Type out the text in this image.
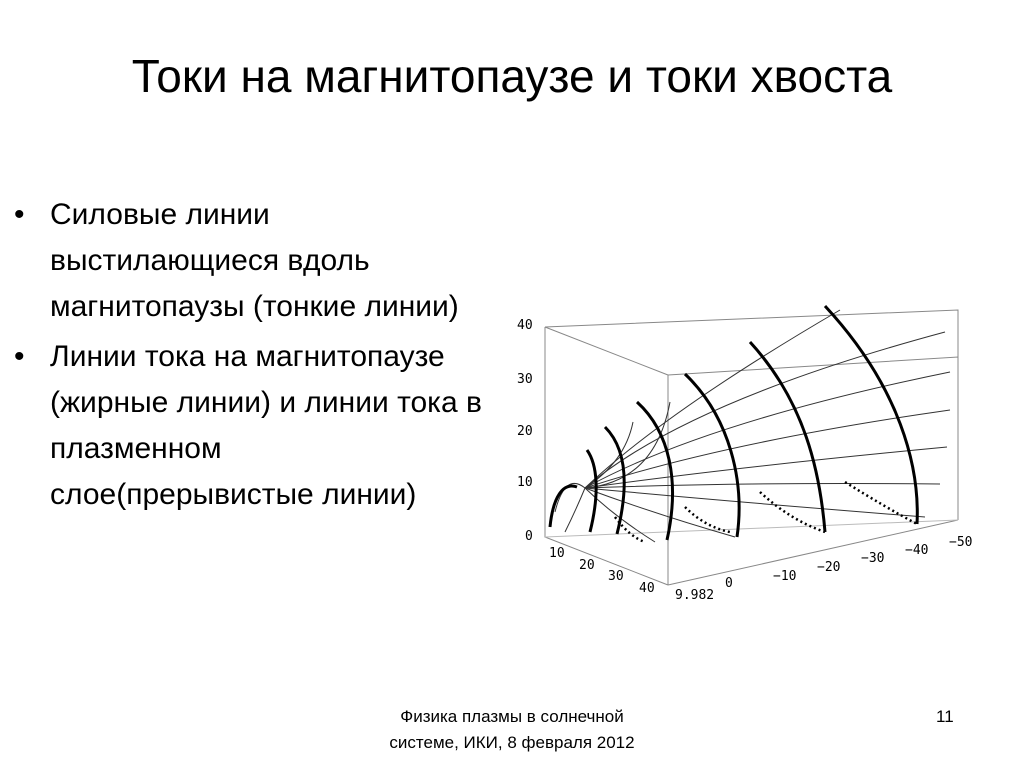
Токи на магнитопаузе и токи хвоста
• Силовые линии выстилающиеся вдоль магнитопаузы (тонкие линии)
• Линии тока на магнитопаузе (жирные линии) и линии тока в плазменном слое(прерывистые линии)
40
30
20
10
0
10
20
30
40	0	−10
−20
−30
−40
−50
9.982
Физика плазмы в солнечной
системе, ИКИ, 8 февраля 2012
11
